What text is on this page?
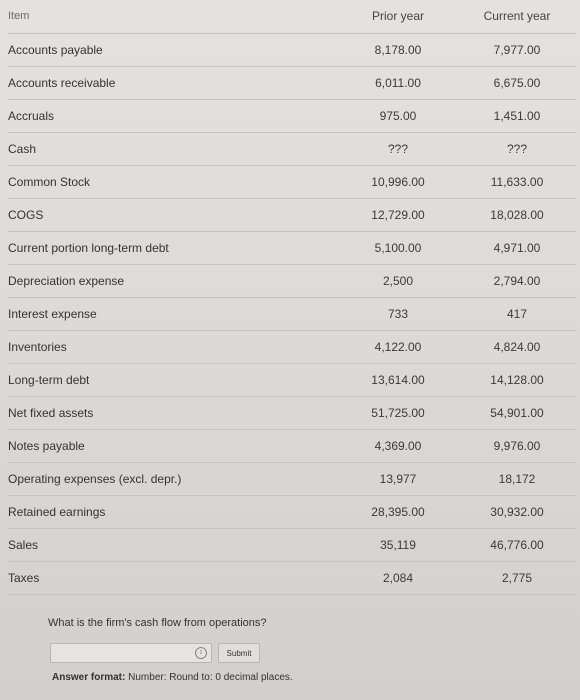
Item	Prior year	Current year
Accounts payable	8,178.00	7,977.00
Accounts receivable	6,011.00	6,675.00
Accruals	975.00	1,451.00
Cash	???	???
Common Stock	10,996.00	11,633.00
COGS	12,729.00	18,028.00
Current portion long-term debt	5,100.00	4,971.00
Depreciation expense	2,500	2,794.00
Interest expense	733	417
Inventories	4,122.00	4,824.00
Long-term debt	13,614.00	14,128.00
Net fixed assets	51,725.00	54,901.00
Notes payable	4,369.00	9,976.00
Operating expenses (excl. depr.)	13,977	18,172
Retained earnings	28,395.00	30,932.00
Sales	35,119	46,776.00
Taxes	2,084	2,775
What is the firm's cash flow from operations?
↕	Submit
Answer format: Number: Round to: 0 decimal places.
